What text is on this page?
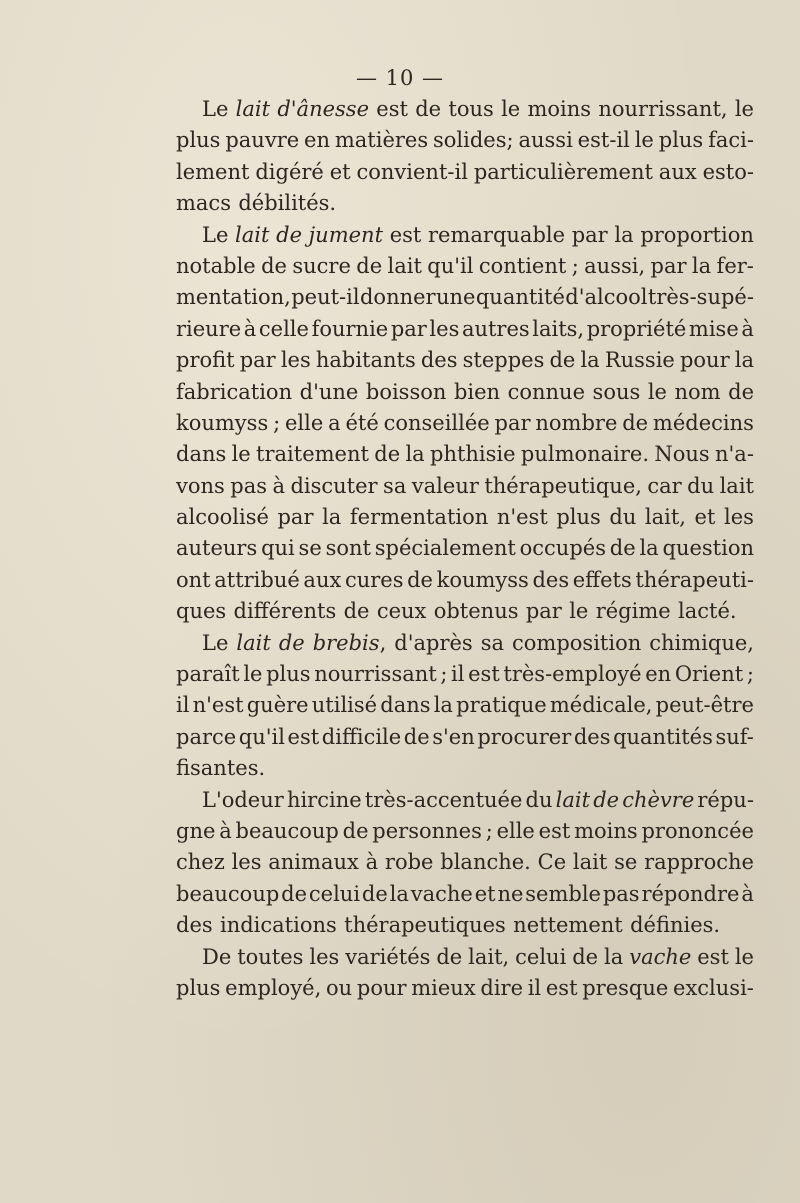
— 10 —
Le lait d'ânesse est de tous le moins nourrissant, le
plus pauvre en matières solides; aussi est-il le plus faci-
lement digéré et convient-il particulièrement aux esto-
macs débilités.
Le lait de jument est remarquable par la proportion
notable de sucre de lait qu'il contient ; aussi, par la fer-
mentation, peut-il donner une quantité d'alcool très-supé-
rieure à celle fournie par les autres laits, propriété mise à
profit par les habitants des steppes de la Russie pour la
fabrication d'une boisson bien connue sous le nom de
koumyss ; elle a été conseillée par nombre de médecins
dans le traitement de la phthisie pulmonaire. Nous n'a-
vons pas à discuter sa valeur thérapeutique, car du lait
alcoolisé par la fermentation n'est plus du lait, et les
auteurs qui se sont spécialement occupés de la question
ont attribué aux cures de koumyss des effets thérapeuti-
ques différents de ceux obtenus par le régime lacté.
Le lait de brebis, d'après sa composition chimique,
paraît le plus nourrissant ; il est très-employé en Orient ;
il n'est guère utilisé dans la pratique médicale, peut-être
parce qu'il est difficile de s'en procurer des quantités suf-
fisantes.
L'odeur hircine très-accentuée du lait de chèvre répu-
gne à beaucoup de personnes ; elle est moins prononcée
chez les animaux à robe blanche. Ce lait se rapproche
beaucoup de celui de la vache et ne semble pas répondre à
des indications thérapeutiques nettement définies.
De toutes les variétés de lait, celui de la vache est le
plus employé, ou pour mieux dire il est presque exclusi-
